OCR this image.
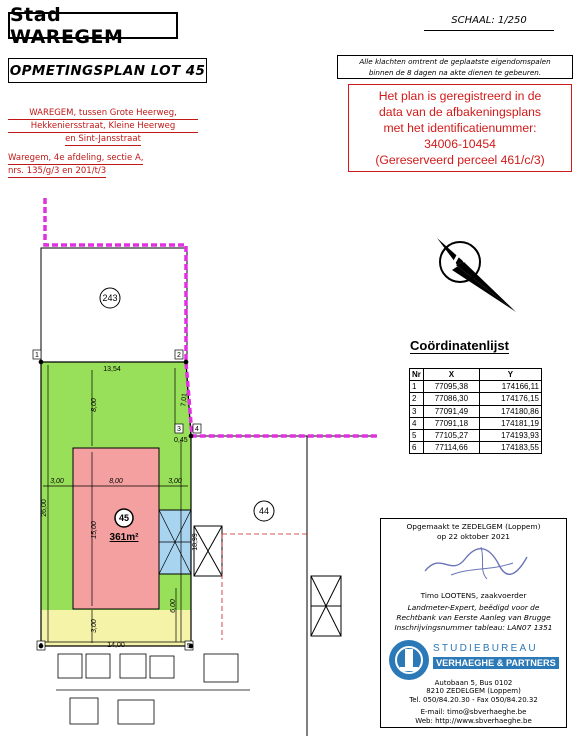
Stad WAREGEM
SCHAAL: 1/250
OPMETINGSPLAN LOT 45
Alle klachten omtrent de geplaatste eigendomspalen
binnen de 8 dagen na akte dienen te gebeuren.
Het plan is geregistreerd in de
data van de afbakeningsplans
met het identificatienummer:
34006-10454
(Gereserveerd perceel 461/c/3)
WAREGEM, tussen Grote Heerweg,
Hekkeniersstraat, Kleine Heerweg
en Sint-Jansstraat
Waregem, 4e afdeling, sectie A,
nrs. 135/g/3 en 201/t/3
1	2
3 4
6	5
243
44
45
361m²
13,54
14,00
26,00
8,00
3,00	8,00	3,00
15,00
18,99
6,00
3,00
7,01
0,45
Coördinatenlijst
Nr	X	Y
1	77095,38	174166,11
2	77086,30	174176,15
3	77091,49	174180,86
4	77091,18	174181,19
5	77105,27	174193,93
6	77114,66	174183,55
Opgemaakt te ZEDELGEM (Loppem)
op 22 oktober 2021
Timo LOOTENS, zaakvoerder
Landmeter-Expert, beëdigd voor de
Rechtbank van Eerste Aanleg van Brugge
Inschrijvingsnummer tableau: LAN07 1351
STUDIEBUREAU
VERHAEGHE & PARTNERS
Autobaan 5, Bus 0102
8210 ZEDELGEM (Loppem)
Tel. 050/84.20.30 - Fax 050/84.20.32
E-mail: timo@sbverhaeghe.be
Web: http://www.sbverhaeghe.be
